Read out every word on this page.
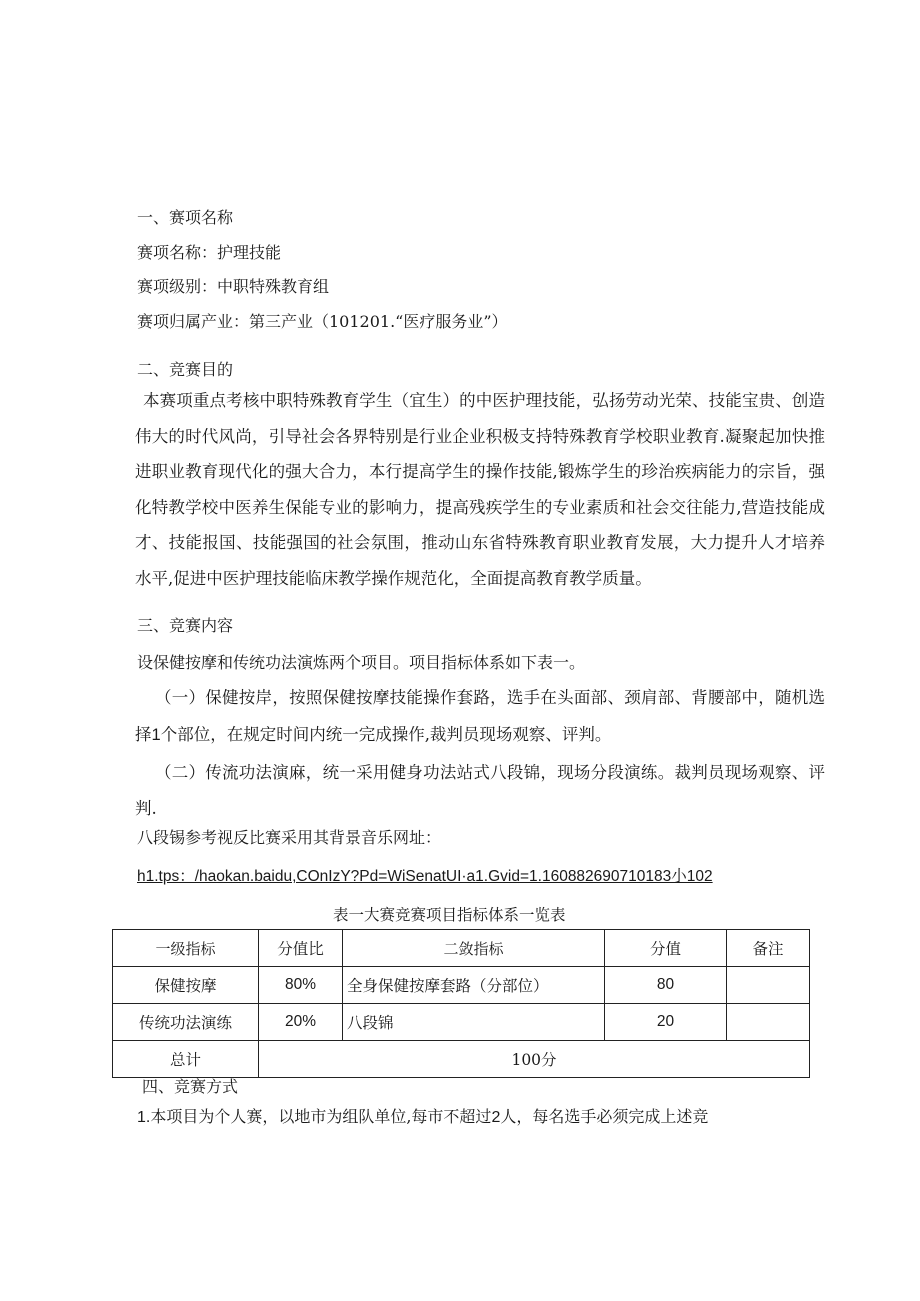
一、赛项名称
赛项名称：护理技能
赛项级别：中职特殊教育组
赛项归属产业：第三产业（101201.“医疗服务业”）
二、竞赛目的
本赛项重点考核中职特殊教育学生（宜生）的中医护理技能，弘扬劳动光荣、技能宝贵、创造伟大的时代风尚，引导社会各界特别是行业企业积极支持特殊教育学校职业教育.凝聚起加快推进职业教育现代化的强大合力，本行提高学生的操作技能,锻炼学生的珍治疾病能力的宗旨，强化特教学校中医养生保能专业的影响力，提高残疾学生的专业素质和社会交往能力,营造技能成才、技能报国、技能强国的社会氛围，推动山东省特殊教育职业教育发展，大力提升人才培养水平,促进中医护理技能临床教学操作规范化，全面提高教育教学质量。
三、竞赛内容
设保健按摩和传统功法演炼两个项目。项目指标体系如下表一。
（一）保健按岸，按照保健按摩技能操作套路，选手在头面部、颈肩部、背腰部中，随机选择1个部位，在规定时间内统一完成操作,裁判员现场观察、评判。
（二）传流功法演麻，统一采用健身功法站式八段锦，现场分段演练。裁判员现场观察、评判.
八段锡参考视反比赛采用其背景音乐网址：
h1.tps：/haokan.baidu,COnIzY?Pd=WiSenatUI·a1.Gvid=1.160882690710183小102
表一大赛竞赛项目指标体系一览表
一级指标	分值比	二敛指标	分值	备注
保健按摩	80%	全身保健按摩套路（分部位）	80	
传统功法演练	20%	八段锦	20	
总计	100分			
四、竞赛方式
1.本项目为个人赛，以地市为组队单位,每市不超过2人，每名选手必须完成上述竞
